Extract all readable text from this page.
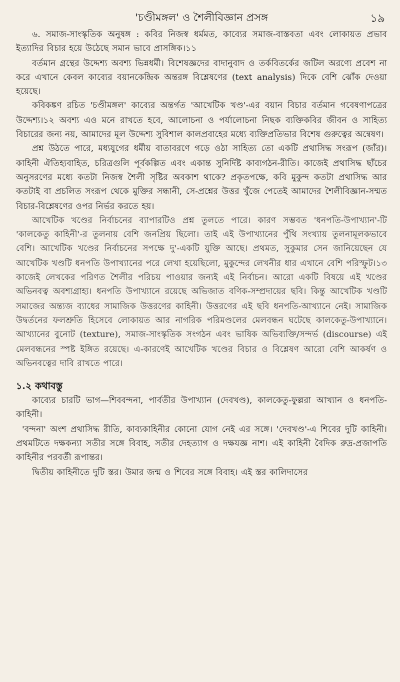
'চণ্ডীমঙ্গল' ও শৈলীবিজ্ঞান প্রসঙ্গ	১৯

৬. সমাজ-সাংস্কৃতিক অনুষঙ্গ : কবির নিজস্ব ধর্মমত, কাব্যের সমাজ-বাস্তবতা এবং লোকায়ত প্রভাব ইত্যাদির বিচার হয়ে উঠেছে সমান ভাবে প্রাসঙ্গিক।১১

বর্তমান গ্রন্থের উদ্দেশ্য অবশ্য ভিন্নধর্মী। বিশেষজ্ঞদের বাদানুবাদ ও তর্কবিতর্কের জটিল অরণ্যে প্রবেশ না করে এখানে কেবল কাব্যের বয়ানকেন্দ্রিক অন্তরঙ্গ বিশ্লেষণের (text analysis) দিকে বেশি ঝোঁক দেওয়া হয়েছে।

কবিকঙ্কণ রচিত 'চণ্ডীমঙ্গল' কাব্যের অন্তর্গত 'আখেটিক খণ্ড'-এর বয়ান বিচার বর্তমান গবেষণাপত্রের উদ্দেশ্য।১২ অবশ্য এও মনে রাখতে হবে, আলোচনা ও পর্যালোচনা নিছক ব্যক্তিকবির জীবন ও সাহিত্য বিচারের জন্য নয়, আমাদের মূল উদ্দেশ্য সুবিশাল কালপ্রবাহের মধ্যে ব্যক্তিপ্রতিভার বিশেষ গুরুত্বের অন্বেষণ।

প্রশ্ন উঠতে পারে, মধ্যযুগের ধর্মীয় বাতাবরণে গড়ে ওঠা সাহিত্য তো একটি প্রথাসিদ্ধ সংরূপ (জাঁর)। কাহিনী ঐতিহ্যবাহিত, চরিত্রগুলি পূর্বকল্পিত এবং একান্ত সুনির্দিষ্ট কাব্যগঠন-রীতি। কাজেই প্রথাসিদ্ধ ছাঁচের অনুসরণের মধ্যে কতটা নিজস্ব শৈলী সৃষ্টির অবকাশ থাকে? প্রকৃতপক্ষে, কবি মুকুন্দ কতটা প্রথাসিদ্ধ আর কতটাই বা প্রচলিত সংরূপ থেকে মুক্তির সন্ধানী, সে-প্রশ্নের উত্তর খুঁজে পেতেই আমাদের শৈলীবিজ্ঞান-সম্মত বিচার-বিশ্লেষণের ওপর নির্ভর করতে হয়।

আখেটিক খণ্ডের নির্বাচনের ব্যাপারটিও প্রশ্ন তুলতে পারে। কারণ সম্ভবত 'ধনপতি-উপাখ্যান'-টি 'কালকেতু কাহিনী'-র তুলনায় বেশি জনপ্রিয় ছিলো। তাই এই উপাখ্যানের পুঁথি সংখ্যায় তুলনামূলকভাবে বেশি। আখেটিক খণ্ডের নির্বাচনের সপক্ষে দু'-একটি যুক্তি আছে। প্রথমত, সুকুমার সেন জানিয়েছেন যে আখেটিক খণ্ডটি ধনপতি উপাখ্যানের পরে লেখা হয়েছিলো, মুকুন্দের লেখনীর ধার এখানে বেশি পরিস্ফুট।১৩ কাজেই লেখকের পরিণত শৈলীর পরিচয় পাওয়ার জন্যই এই নির্বাচন। আরো একটি বিষয়ে এই খণ্ডের অভিনবত্ব অবশ্যগ্রাহ্য। ধনপতি উপাখ্যানে রয়েছে অভিজাত বণিক-সম্প্রদায়ের ছবি। কিন্তু আখেটিক খণ্ডটি সমাজের অন্ত্যজ ব্যাধের সামাজিক উত্তরণের কাহিনী। উত্তরণের এই ছবি ধনপতি-আখ্যানে নেই। সামাজিক উদ্বর্তনের ফলশ্রুতি হিসেবে লোকায়ত আর নাগরিক পরিমণ্ডলের মেলবন্ধন ঘটেছে কালকেতু-উপাখ্যানে। আখ্যানের বুনোট (texture), সমাজ-সাংস্কৃতিক সংগঠন এবং ভাষিক অভিব্যক্তি/সন্দর্ভ (discourse) এই মেলবন্ধনের স্পষ্ট ইঙ্গিত রয়েছে। এ-কারণেই আখেটিক খণ্ডের বিচার ও বিশ্লেষণ আরো বেশি আকর্ষণ ও অভিনবত্বের দাবি রাখতে পারে।

১.২ কথাবস্তু

কাব্যের চারটি ভাগ—শিববন্দনা, পার্বতীর উপাখ্যান (দেবখণ্ড), কালকেতু-ফুল্লরা আখ্যান ও ধনপতি-কাহিনী।

'বন্দনা' অংশ প্রথাসিদ্ধ রীতি, কাব্যকাহিনীর কোনো যোগ নেই এর সঙ্গে। 'দেবখণ্ড'-এ শিবের দুটি কাহিনী। প্রথমটিতে দক্ষকন্যা সতীর সঙ্গে বিবাহ, সতীর দেহত্যাগ ও দক্ষযজ্ঞ নাশ। এই কাহিনী বৈদিক রুদ্র-প্রজাপতি কাহিনীর পরবর্তী রূপান্তর।

দ্বিতীয় কাহিনীতে দুটি স্তর। উমার জন্ম ও শিবের সঙ্গে বিবাহ। এই স্তর কালিদাসের
